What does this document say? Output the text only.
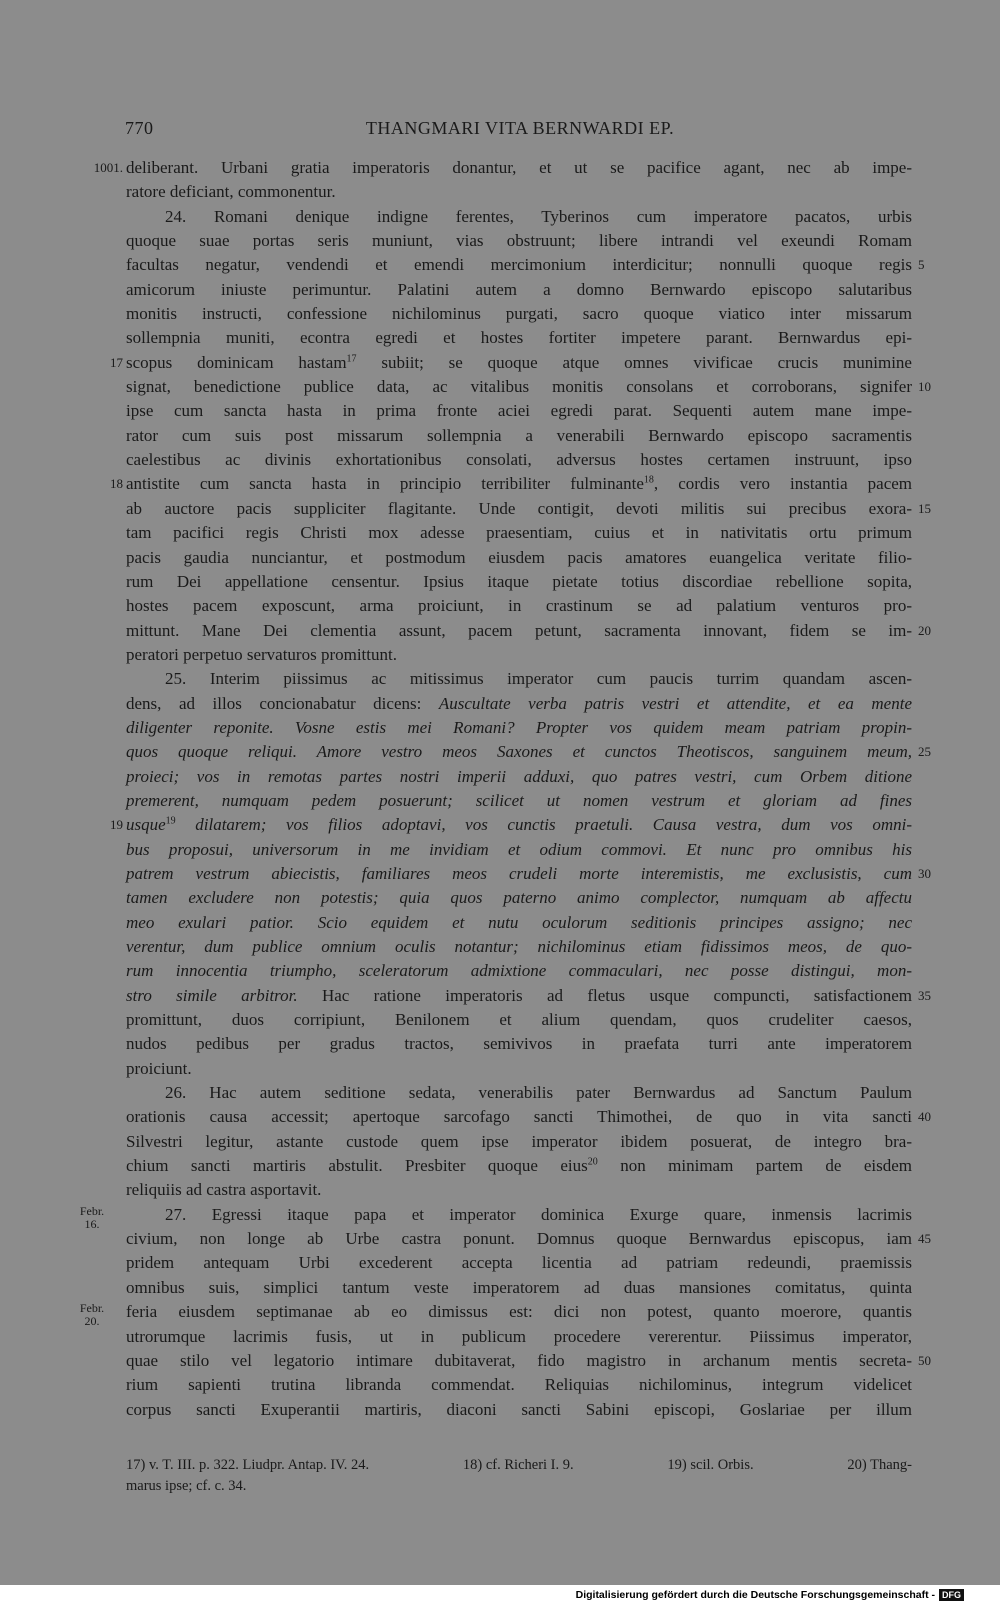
770	THANGMARI VITA BERNWARDI EP.
1001. deliberant. Urbani gratia imperatoris donantur, et ut se pacifice agant, nec ab impe-
ratore deficiant, commonentur.
24. Romani denique indigne ferentes, Tyberinos cum imperatore pacatos, urbis
quoque suae portas seris muniunt, vias obstruunt; libere intrandi vel exeundi Romam
facultas negatur, vendendi et emendi mercimonium interdicitur; nonnulli quoque regis 5
amicorum iniuste perimuntur. Palatini autem a domno Bernwardo episcopo salutaribus
monitis instructi, confessione nichilominus purgati, sacro quoque viatico inter missarum
sollempnia muniti, econtra egredi et hostes fortiter impetere parant. Bernwardus epi-
17 scopus dominicam hastam$^{17}$ subiit; se quoque atque omnes vivificae crucis munimine
signat, benedictione publice data, ac vitalibus monitis consolans et corroborans, signifer 10
ipse cum sancta hasta in prima fronte aciei egredi parat. Sequenti autem mane impe-
rator cum suis post missarum sollempnia a venerabili Bernwardo episcopo sacramentis
caelestibus ac divinis exhortationibus consolati, adversus hostes certamen instruunt, ipso
18 antistite cum sancta hasta in principio terribiliter fulminante$^{18}$, cordis vero instantia pacem
ab auctore pacis suppliciter flagitante. Unde contigit, devoti militis sui precibus exora- 15
tam pacifici regis Christi mox adesse praesentiam, cuius et in nativitatis ortu primum
pacis gaudia nunciantur, et postmodum eiusdem pacis amatores euangelica veritate filio-
rum Dei appellatione censentur. Ipsius itaque pietate totius discordiae rebellione sopita,
hostes pacem exposcunt, arma proiciunt, in crastinum se ad palatium venturos pro-
mittunt. Mane Dei clementia assunt, pacem petunt, sacramenta innovant, fidem se im- 20
peratori perpetuo servaturos promittunt.
25. Interim piissimus ac mitissimus imperator cum paucis turrim quandam ascen-
dens, ad illos concionabatur dicens: Auscultate verba patris vestri et attendite, et ea mente
diligenter reponite. Vosne estis mei Romani? Propter vos quidem meam patriam propin-
quos quoque reliqui. Amore vestro meos Saxones et cunctos Theotiscos, sanguinem meum, 25
proieci; vos in remotas partes nostri imperii adduxi, quo patres vestri, cum Orbem ditione
premerent, numquam pedem posuerunt; scilicet ut nomen vestrum et gloriam ad fines
19 usque$^{19}$ dilatarem; vos filios adoptavi, vos cunctis praetuli. Causa vestra, dum vos omni-
bus proposui, universorum in me invidiam et odium commovi. Et nunc pro omnibus his
patrem vestrum abiecistis, familiares meos crudeli morte interemistis, me exclusistis, cum 30
tamen excludere non potestis; quia quos paterno animo complector, numquam ab affectu
meo exulari patior. Scio equidem et nutu oculorum seditionis principes assigno; nec
verentur, dum publice omnium oculis notantur; nichilominus etiam fidissimos meos, de quo-
rum innocentia triumpho, sceleratorum admixtione commaculari, nec posse distingui, mon-
stro simile arbitror. Hac ratione imperatoris ad fletus usque compuncti, satisfactionem 35
promittunt, duos corripiunt, Benilonem et alium quendam, quos crudeliter caesos,
nudos pedibus per gradus tractos, semivivos in praefata turri ante imperatorem
proiciunt.
26. Hac autem seditione sedata, venerabilis pater Bernwardus ad Sanctum Paulum
orationis causa accessit; apertoque sarcofago sancti Thimothei, de quo in vita sancti 40
Silvestri legitur, astante custode quem ipse imperator ibidem posuerat, de integro bra-
chium sancti martiris abstulit. Presbiter quoque eius$^{20}$ non minimam partem de eisdem
reliquiis ad castra asportavit.
Febr.
16.	27. Egressi itaque papa et imperator dominica Exurge quare, inmensis lacrimis
civium, non longe ab Urbe castra ponunt. Domnus quoque Bernwardus episcopus, iam 45
pridem antequam Urbi excederent accepta licentia ad patriam redeundi, praemissis
omnibus suis, simplici tantum veste imperatorem ad duas mansiones comitatus, quinta
Febr.
20.	feria eiusdem septimanae ab eo dimissus est: dici non potest, quanto moerore, quantis
utrorumque lacrimis fusis, ut in publicum procedere vererentur. Piissimus imperator,
quae stilo vel legatorio intimare dubitaverat, fido magistro in archanum mentis secreta- 50
rium sapienti trutina libranda commendat. Reliquias nichilominus, integrum videlicet
corpus sancti Exuperantii martiris, diaconi sancti Sabini episcopi, Goslariae per illum
17) v. T. III. p. 322. Liudpr. Antap. IV. 24.	18) cf. Richeri I. 9.	19) scil. Orbis.	20) Thang-
marus ipse; cf. c. 34.
Digitalisierung gefördert durch die Deutsche Forschungsgemeinschaft - DFG
